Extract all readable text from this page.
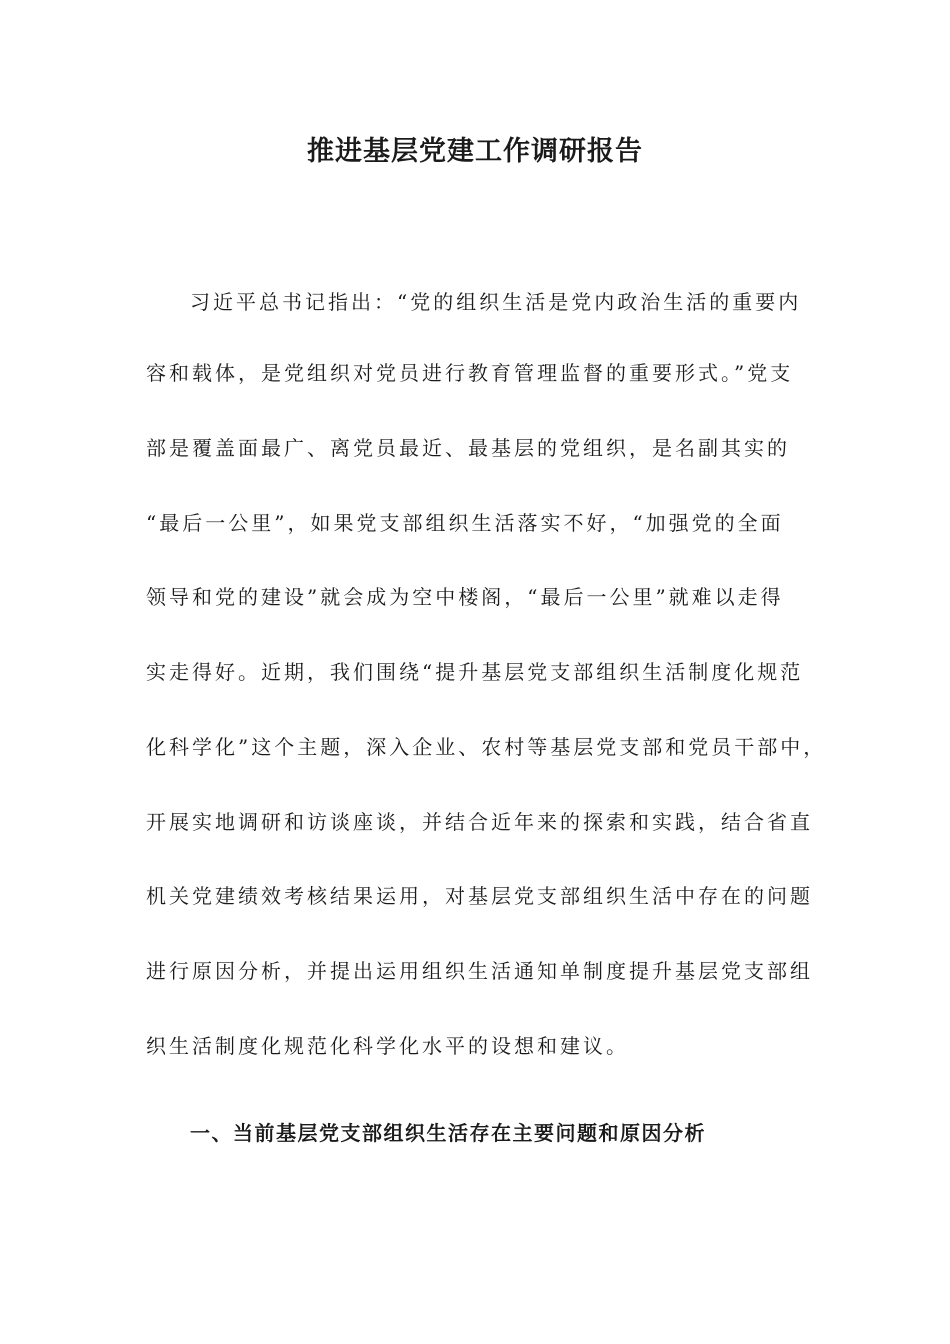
推进基层党建工作调研报告

习近平总书记指出：“党的组织生活是党内政治生活的重要内

容和载体，是党组织对党员进行教育管理监督的重要形式。”党支

部是覆盖面最广、离党员最近、最基层的党组织，是名副其实的

“最后一公里”，如果党支部组织生活落实不好，“加强党的全面

领导和党的建设”就会成为空中楼阁，“最后一公里”就难以走得

实走得好。近期，我们围绕“提升基层党支部组织生活制度化规范

化科学化”这个主题，深入企业、农村等基层党支部和党员干部中，

开展实地调研和访谈座谈，并结合近年来的探索和实践，结合省直

机关党建绩效考核结果运用，对基层党支部组织生活中存在的问题

进行原因分析，并提出运用组织生活通知单制度提升基层党支部组

织生活制度化规范化科学化水平的设想和建议。

一、当前基层党支部组织生活存在主要问题和原因分析
